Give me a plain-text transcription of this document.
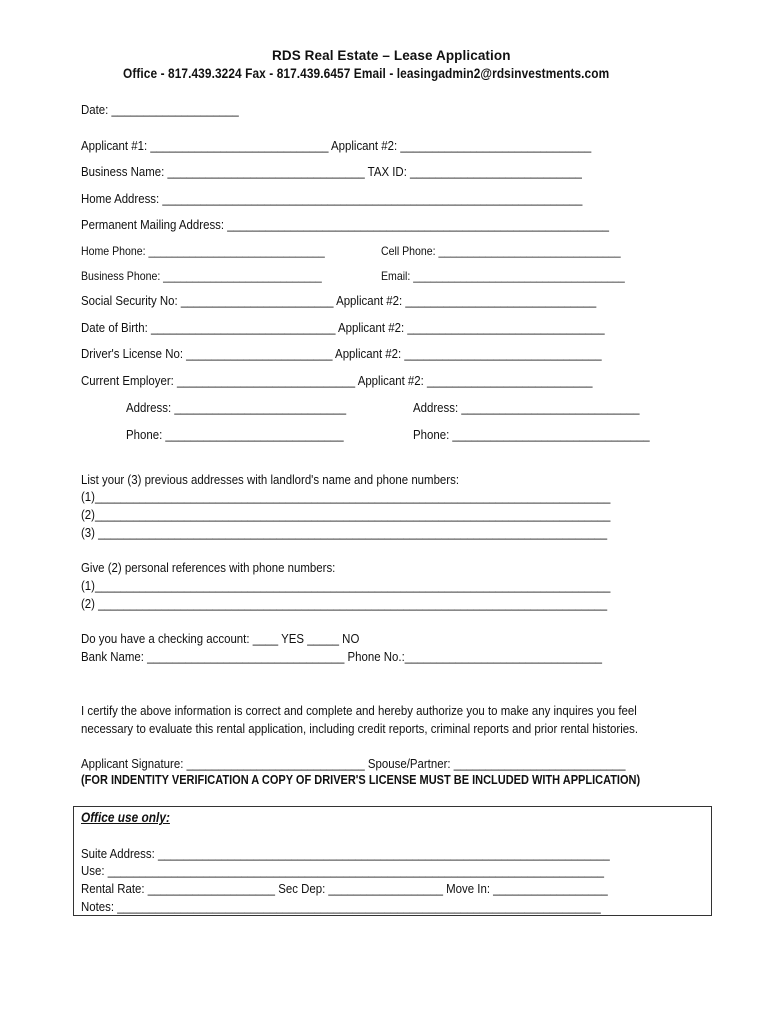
RDS Real Estate – Lease Application
Office - 817.439.3224 Fax - 817.439.6457 Email - leasingadmin2@rdsinvestments.com
Date: ____________________
Applicant #1: ____________________________ Applicant #2: ______________________________
Business Name: _______________________________ TAX ID: ___________________________
Home Address: __________________________________________________________________
Permanent Mailing Address: ____________________________________________________________
Home Phone: ______________________________	Cell Phone: _______________________________
Business Phone: ___________________________	Email: ____________________________________
Social Security No: ________________________ Applicant #2: ______________________________
Date of Birth: _____________________________ Applicant #2: _______________________________
Driver's License No: _______________________ Applicant #2: _______________________________
Current Employer: ____________________________ Applicant #2: __________________________
Address: ___________________________	Address: ____________________________
Phone: ____________________________	Phone: _______________________________
List your (3) previous addresses with landlord's name and phone numbers:
(1)_________________________________________________________________________________
(2)_________________________________________________________________________________
(3) ________________________________________________________________________________
Give (2) personal references with phone numbers:
(1)_________________________________________________________________________________
(2) ________________________________________________________________________________
Do you have a checking account: ____ YES _____ NO
Bank Name: _______________________________ Phone No.:_______________________________
I certify the above information is correct and complete and hereby authorize you to make any inquires you feel
necessary to evaluate this rental application, including credit reports, criminal reports and prior rental histories.
Applicant Signature: ____________________________ Spouse/Partner: ___________________________
(FOR INDENTITY VERIFICATION A COPY OF DRIVER'S LICENSE MUST BE INCLUDED WITH APPLICATION)
Office use only:
Suite Address: _______________________________________________________________________
Use: ______________________________________________________________________________
Rental Rate: ____________________ Sec Dep: __________________ Move In: __________________
Notes: ____________________________________________________________________________
